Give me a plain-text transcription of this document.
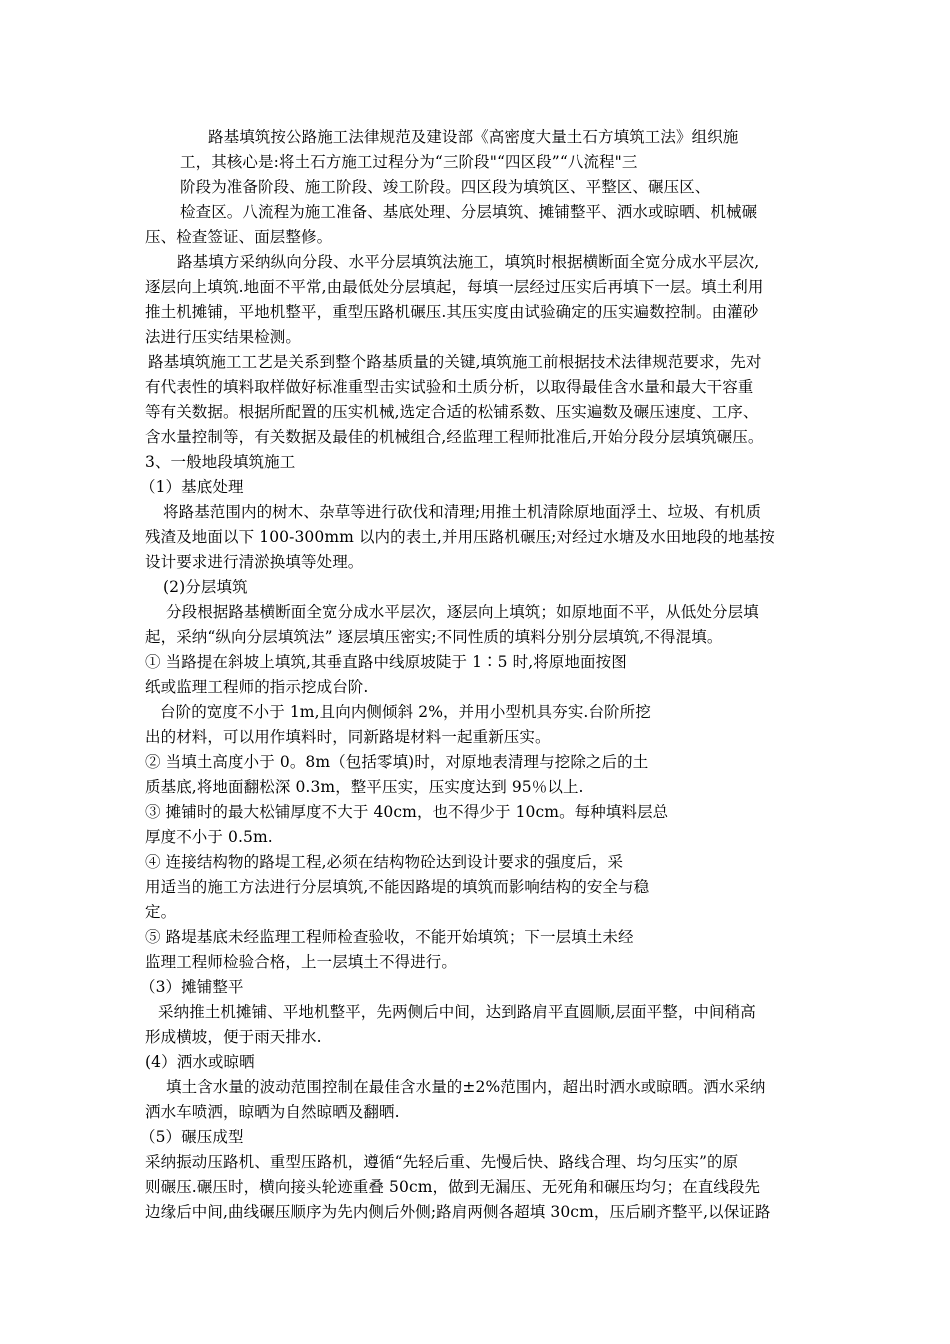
路基填筑按公路施工法律规范及建设部《高密度大量土石方填筑工法》组织施
工，其核心是:将土石方施工过程分为“三阶段"“四区段”“八流程"三
阶段为准备阶段、施工阶段、竣工阶段。四区段为填筑区、平整区、碾压区、
检查区。八流程为施工准备、基底处理、分层填筑、摊铺整平、洒水或晾晒、机械碾
压、检查签证、面层整修。
路基填方采纳纵向分段、水平分层填筑法施工，填筑时根据横断面全宽分成水平层次,
逐层向上填筑.地面不平常,由最低处分层填起，每填一层经过压实后再填下一层。填土利用
推土机摊铺，平地机整平，重型压路机碾压.其压实度由试验确定的压实遍数控制。由灌砂
法进行压实结果检测。
路基填筑施工工艺是关系到整个路基质量的关键,填筑施工前根据技术法律规范要求，先对
有代表性的填料取样做好标准重型击实试验和土质分析，以取得最佳含水量和最大干容重
等有关数据。根据所配置的压实机械,选定合适的松铺系数、压实遍数及碾压速度、工序、
含水量控制等，有关数据及最佳的机械组合,经监理工程师批准后,开始分段分层填筑碾压。
3、一般地段填筑施工
（1）基底处理
将路基范围内的树木、杂草等进行砍伐和清理;用推土机清除原地面浮土、垃圾、有机质
残渣及地面以下 100-300mm 以内的表土,并用压路机碾压;对经过水塘及水田地段的地基按
设计要求进行清淤换填等处理。
(2)分层填筑
分段根据路基横断面全宽分成水平层次，逐层向上填筑；如原地面不平，从低处分层填
起，采纳“纵向分层填筑法” 逐层填压密实;不同性质的填料分别分层填筑,不得混填。
① 当路提在斜坡上填筑,其垂直路中线原坡陡于 1∶5 时,将原地面按图
纸或监理工程师的指示挖成台阶.
台阶的宽度不小于 1m,且向内侧倾斜 2%，并用小型机具夯实.台阶所挖
出的材料，可以用作填料时，同新路堤材料一起重新压实。
② 当填土高度小于 0。8m（包括零填)时，对原地表清理与挖除之后的土
质基底,将地面翻松深 0.3m，整平压实，压实度达到 95％以上.
③ 摊铺时的最大松铺厚度不大于 40cm，也不得少于 10cm。每种填料层总
厚度不小于 0.5m.
④ 连接结构物的路堤工程,必须在结构物砼达到设计要求的强度后，采
用适当的施工方法进行分层填筑,不能因路堤的填筑而影响结构的安全与稳
定。
⑤ 路堤基底未经监理工程师检查验收，不能开始填筑；下一层填土未经
监理工程师检验合格，上一层填土不得进行。
（3）摊铺整平
采纳推土机摊铺、平地机整平，先两侧后中间，达到路肩平直圆顺,层面平整，中间稍高
形成横坡，便于雨天排水.
(4）洒水或晾晒
填土含水量的波动范围控制在最佳含水量的±2%范围内，超出时洒水或晾晒。洒水采纳
洒水车喷洒，晾晒为自然晾晒及翻晒.
（5）碾压成型
采纳振动压路机、重型压路机，遵循“先轻后重、先慢后快、路线合理、均匀压实”的原
则碾压.碾压时，横向接头轮迹重叠 50cm，做到无漏压、无死角和碾压均匀；在直线段先
边缘后中间,曲线碾压顺序为先内侧后外侧;路肩两侧各超填 30cm，压后刷齐整平,以保证路
